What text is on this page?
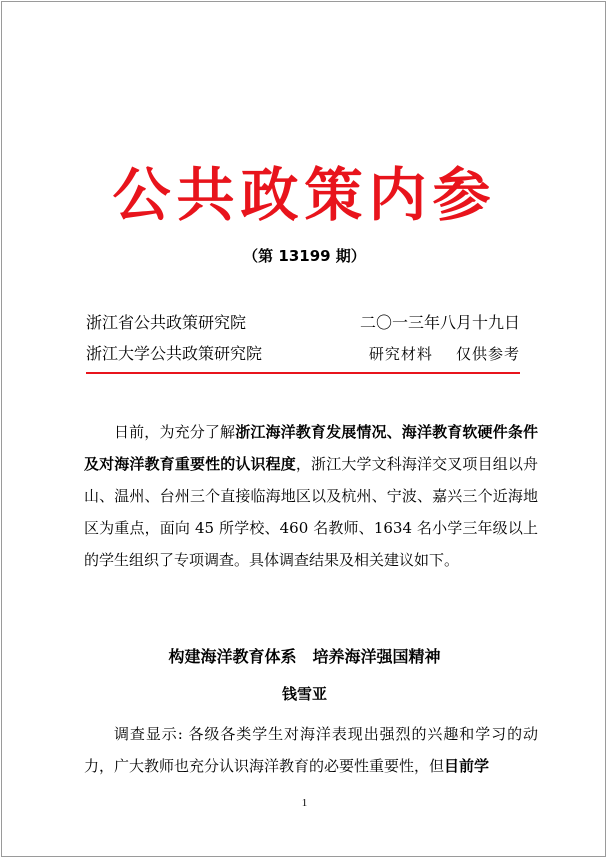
公共政策内参
（第 13199 期）
浙江省公共政策研究院	二〇一三年八月十九日
浙江大学公共政策研究院	研究材料    仅供参考

日前，为充分了解浙江海洋教育发展情况、海洋教育软硬件条件及对海洋教育重要性的认识程度，浙江大学文科海洋交叉项目组以舟山、温州、台州三个直接临海地区以及杭州、宁波、嘉兴三个近海地区为重点，面向 45 所学校、460 名教师、1634 名小学三年级以上的学生组织了专项调查。具体调查结果及相关建议如下。

构建海洋教育体系　培养海洋强国精神
钱雪亚

调查显示: 各级各类学生对海洋表现出强烈的兴趣和学习的动力，广大教师也充分认识海洋教育的必要性重要性，但目前学

1
